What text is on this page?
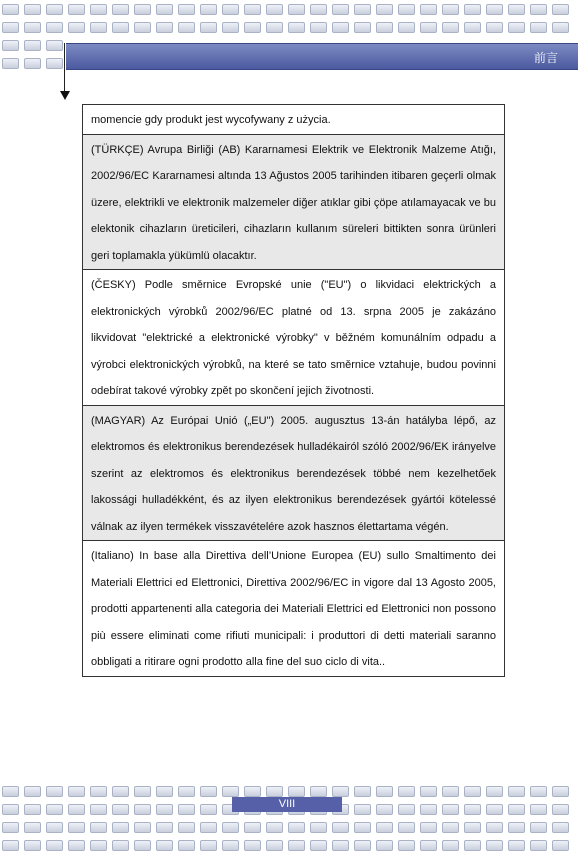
前言
momencie gdy produkt jest wycofywany z użycia.
(TÜRKÇE) Avrupa Birliği (AB) Kararnamesi Elektrik ve Elektronik Malzeme Atığı, 2002/96/EC Kararnamesi altında 13 Ağustos 2005 tarihinden itibaren geçerli olmak üzere, elektrikli ve elektronik malzemeler diğer atıklar gibi çöpe atılamayacak ve bu elektonik cihazların üreticileri, cihazların kullanım süreleri bittikten sonra ürünleri geri toplamakla yükümlü olacaktır.
(ČESKY) Podle směrnice Evropské unie ("EU") o likvidaci elektrických a elektronických výrobků 2002/96/EC platné od 13. srpna 2005 je zakázáno likvidovat "elektrické a elektronické výrobky" v běžném komunálním odpadu a výrobci elektronických výrobků, na které se tato směrnice vztahuje, budou povinni odebírat takové výrobky zpět po skončení jejich životnosti.
(MAGYAR) Az Európai Unió („EU") 2005. augusztus 13-án hatályba lépő, az elektromos és elektronikus berendezések hulladékairól szóló 2002/96/EK irányelve szerint az elektromos és elektronikus berendezések többé nem kezelhetőek lakossági hulladékként, és az ilyen elektronikus berendezések gyártói kötelessé válnak az ilyen termékek visszavételére azok hasznos élettartama végén.
(Italiano) In base alla Direttiva dell’Unione Europea (EU) sullo Smaltimento dei Materiali Elettrici ed Elettronici, Direttiva 2002/96/EC in vigore dal 13 Agosto 2005, prodotti appartenenti alla categoria dei Materiali Elettrici ed Elettronici non possono più essere eliminati come rifiuti municipali: i produttori di detti materiali saranno obbligati a ritirare ogni prodotto alla fine del suo ciclo di vita..
VIII
